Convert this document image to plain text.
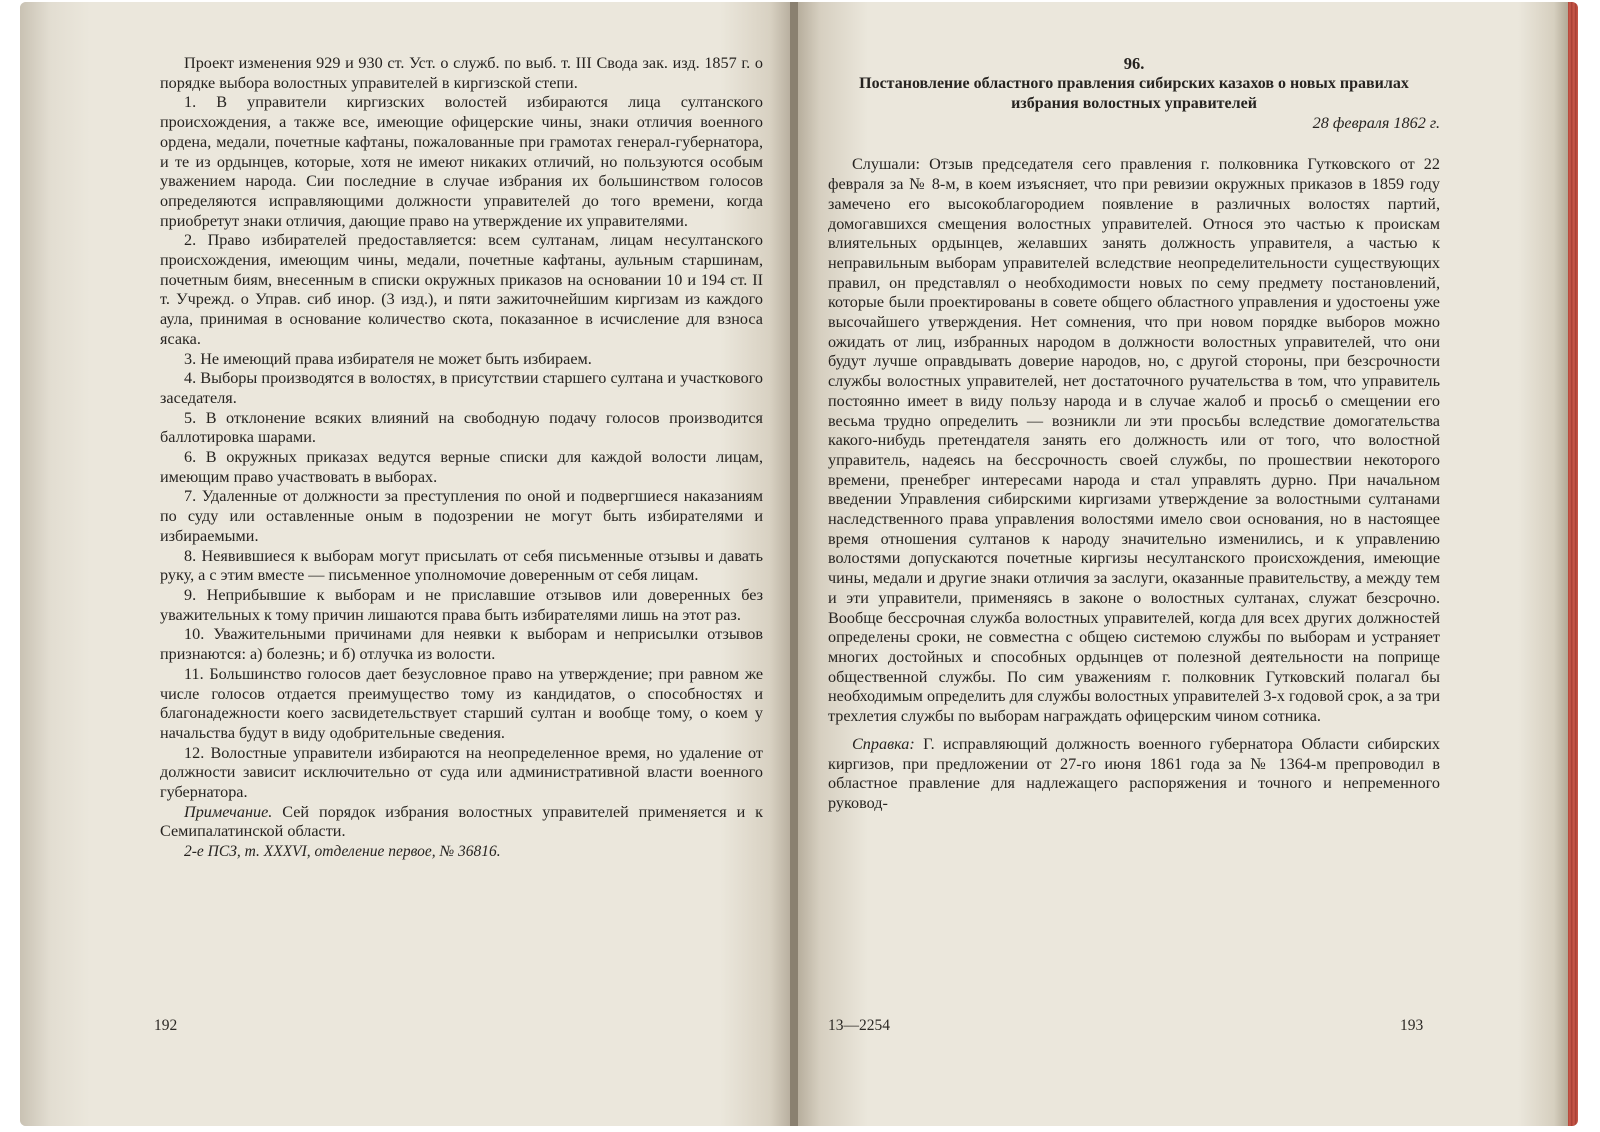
Проект изменения 929 и 930 ст. Уст. о служб. по выб. т. III Свода зак. изд. 1857 г. о порядке выбора волостных управителей в киргизской степи.

1. В управители киргизских волостей избираются лица султанского происхождения, а также все, имеющие офицерские чины, знаки отличия военного ордена, медали, почетные кафтаны, пожалованные при грамотах генерал-губернатора, и те из ордынцев, которые, хотя не имеют никаких отличий, но пользуются особым уважением народа. Сии последние в случае избрания их большинством голосов определяются исправляющими должности управителей до того времени, когда приобретут знаки отличия, дающие право на утверждение их управителями.

2. Право избирателей предоставляется: всем султанам, лицам несултанского происхождения, имеющим чины, медали, почетные кафтаны, аульным старшинам, почетным биям, внесенным в списки окружных приказов на основании 10 и 194 ст. II т. Учрежд. о Управ. сиб инор. (3 изд.), и пяти зажиточнейшим киргизам из каждого аула, принимая в основание количество скота, показанное в исчисление для взноса ясака.

3. Не имеющий права избирателя не может быть избираем.

4. Выборы производятся в волостях, в присутствии старшего султана и участкового заседателя.

5. В отклонение всяких влияний на свободную подачу голосов производится баллотировка шарами.

6. В окружных приказах ведутся верные списки для каждой волости лицам, имеющим право участвовать в выборах.

7. Удаленные от должности за преступления по оной и подвергшиеся наказаниям по суду или оставленные оным в подозрении не могут быть избирателями и избираемыми.

8. Неявившиеся к выборам могут присылать от себя письменные отзывы и давать руку, а с этим вместе — письменное уполномочие доверенным от себя лицам.

9. Неприбывшие к выборам и не приславшие отзывов или доверенных без уважительных к тому причин лишаются права быть избирателями лишь на этот раз.

10. Уважительными причинами для неявки к выборам и неприсылки отзывов признаются: а) болезнь; и б) отлучка из волости.

11. Большинство голосов дает безусловное право на утверждение; при равном же числе голосов отдается преимущество тому из кандидатов, о способностях и благонадежности коего засвидетельствует старший султан и вообще тому, о коем у начальства будут в виду одобрительные сведения.

12. Волостные управители избираются на неопределенное время, но удаление от должности зависит исключительно от суда или административной власти военного губернатора.

Примечание. Сей порядок избрания волостных управителей применяется и к Семипалатинской области.

2-е ПСЗ, т. XXXVI, отделение первое, № 36816.

192

96.

Постановление областного правления сибирских казахов о новых правилах избрания волостных управителей

28 февраля 1862 г.

Слушали: Отзыв председателя сего правления г. полковника Гутковского от 22 февраля за № 8-м, в коем изъясняет, что при ревизии окружных приказов в 1859 году замечено его высокоблагородием появление в различных волостях партий, домогавшихся смещения волостных управителей. Относя это частью к проискам влиятельных ордынцев, желавших занять должность управителя, а частью к неправильным выборам управителей вследствие неопределительности существующих правил, он представлял о необходимости новых по сему предмету постановлений, которые были проектированы в совете общего областного управления и удостоены уже высочайшего утверждения. Нет сомнения, что при новом порядке выборов можно ожидать от лиц, избранных народом в должности волостных управителей, что они будут лучше оправдывать доверие народов, но, с другой стороны, при безсрочности службы волостных управителей, нет достаточного ручательства в том, что управитель постоянно имеет в виду пользу народа и в случае жалоб и просьб о смещении его весьма трудно определить — возникли ли эти просьбы вследствие домогательства какого-нибудь претендателя занять его должность или от того, что волостной управитель, надеясь на бессрочность своей службы, по прошествии некоторого времени, пренебрег интересами народа и стал управлять дурно. При начальном введении Управления сибирскими киргизами утверждение за волостными султанами наследственного права управления волостями имело свои основания, но в настоящее время отношения султанов к народу значительно изменились, и к управлению волостями допускаются почетные киргизы несултанского происхождения, имеющие чины, медали и другие знаки отличия за заслуги, оказанные правительству, а между тем и эти управители, применяясь в законе о волостных султанах, служат безсрочно. Вообще бессрочная служба волостных управителей, когда для всех других должностей определены сроки, не совместна с общею системою службы по выборам и устраняет многих достойных и способных ордынцев от полезной деятельности на поприще общественной службы. По сим уважениям г. полковник Гутковский полагал бы необходимым определить для службы волостных управителей 3-х годовой срок, а за три трехлетия службы по выборам награждать офицерским чином сотника.

Справка: Г. исправляющий должность военного губернатора Области сибирских киргизов, при предложении от 27-го июня 1861 года за № 1364-м препроводил в областное правление для надлежащего распоряжения и точного и непременного руковод-

13—2254	193
